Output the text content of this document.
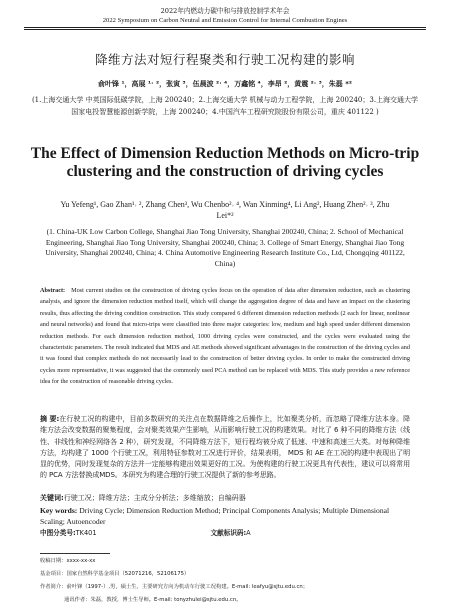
2022年内燃动力碳中和与排放控制学术年会
2022 Symposium on Carbon Neutral and Emission Control for Internal Combustion Engines
降维方法对短行程聚类和行驶工况构建的影响
俞叶锋 ¹，高展 ¹˒ ²，张寅 ³，伍晨波 ²˒ ⁴，万鑫铭 ⁴，李昂 ²，黄震 ²˒ ³，朱磊 *²
(1.上海交通大学 中英国际低碳学院，上海 200240；2.上海交通大学 机械与动力工程学院，上海 200240；3.上海交通大学 国家电投智慧能源创新学院，上海 200240；4.中国汽车工程研究院股份有限公司，重庆 401122 )
The Effect of Dimension Reduction Methods on Micro-trip clustering and the construction of driving cycles
Yu Yefeng¹, Gao Zhan¹˒ ², Zhang Chen³, Wu Chenbo²˒ ⁴, Wan Xinming⁴, Li Ang², Huang Zhen²˒ ³, Zhu Lei*²
(1. China-UK Low Carbon College, Shanghai Jiao Tong University, Shanghai 200240, China; 2. School of Mechanical Engineering, Shanghai Jiao Tong University, Shanghai 200240, China; 3. College of Smart Energy, Shanghai Jiao Tong University, Shanghai 200240, China; 4. China Automotive Engineering Research Institute Co., Ltd, Chongqing 401122, China)
Abstract: Most current studies on the construction of driving cycles focus on the operation of data after dimension reduction, such as clustering analysis, and ignore the dimension reduction method itself, which will change the aggregation degree of data and have an impact on the clustering results, thus affecting the driving condition construction. This study compared 6 different dimension reduction methods (2 each for linear, nonlinear and neural networks) and found that micro-trips were classified into three major categories: low, medium and high speed under different dimension reduction methods. For each dimension reduction method, 1000 driving cycles were constructed, and the cycles were evaluated using the characteristic parameters. The result indicated that MDS and AE methods showed significant advantages in the construction of the driving cycles and it was found that complex methods do not necessarily lead to the construction of better driving cycles. In order to make the constructed driving cycles more representative, it was suggested that the commonly used PCA method can be replaced with MDS. This study provides a new reference idea for the construction of reasonable driving cycles.
摘 要:在行驶工况的构建中，目前多数研究的关注点在数据降维之后操作上，比如聚类分析，而忽略了降维方法本身。降维方法会改变数据的聚集程度，会对聚类效果产生影响，从而影响行驶工况的构建效果。对比了 6 种不同的降维方法（线性、非线性和神经网络各 2 种），研究发现，不同降维方法下，短行程均被分成了低速、中速和高速三大类。对每种降维方法，均构建了 1000 个行驶工况，利用特征参数对工况进行评价，结果表明， MDS 和 AE 在工况的构建中表现出了明显的优势，同时发现复杂的方法并一定能够构建出效果更好的工况。为使构建的行驶工况更具有代表性，建议可以将常用的 PCA 方法替换成MDS。本研究为构建合理的行驶工况提供了新的参考思路。
关键词:行驶工况；降维方法；主成分分析法；多维缩放；自编码器
Key words: Driving Cycle; Dimension Reduction Method; Principal Components Analysis; Multiple Dimensional Scaling; Autoencoder
中图分类号:TK401	文献标识码:A
收稿日期：xxxx-xx-xx
基金项目：国家自然科学基金项目（52071216，52106175）
作者简介：俞叶锋（1997-）,男，硕士生，主要研究方向为机动车行驶工况构建。E-mail: leafyu@sjtu.edu.cn；
通讯作者：朱磊，教授，博士生导师。E-mail: tonyzhulei@sjtu.edu.cn。
